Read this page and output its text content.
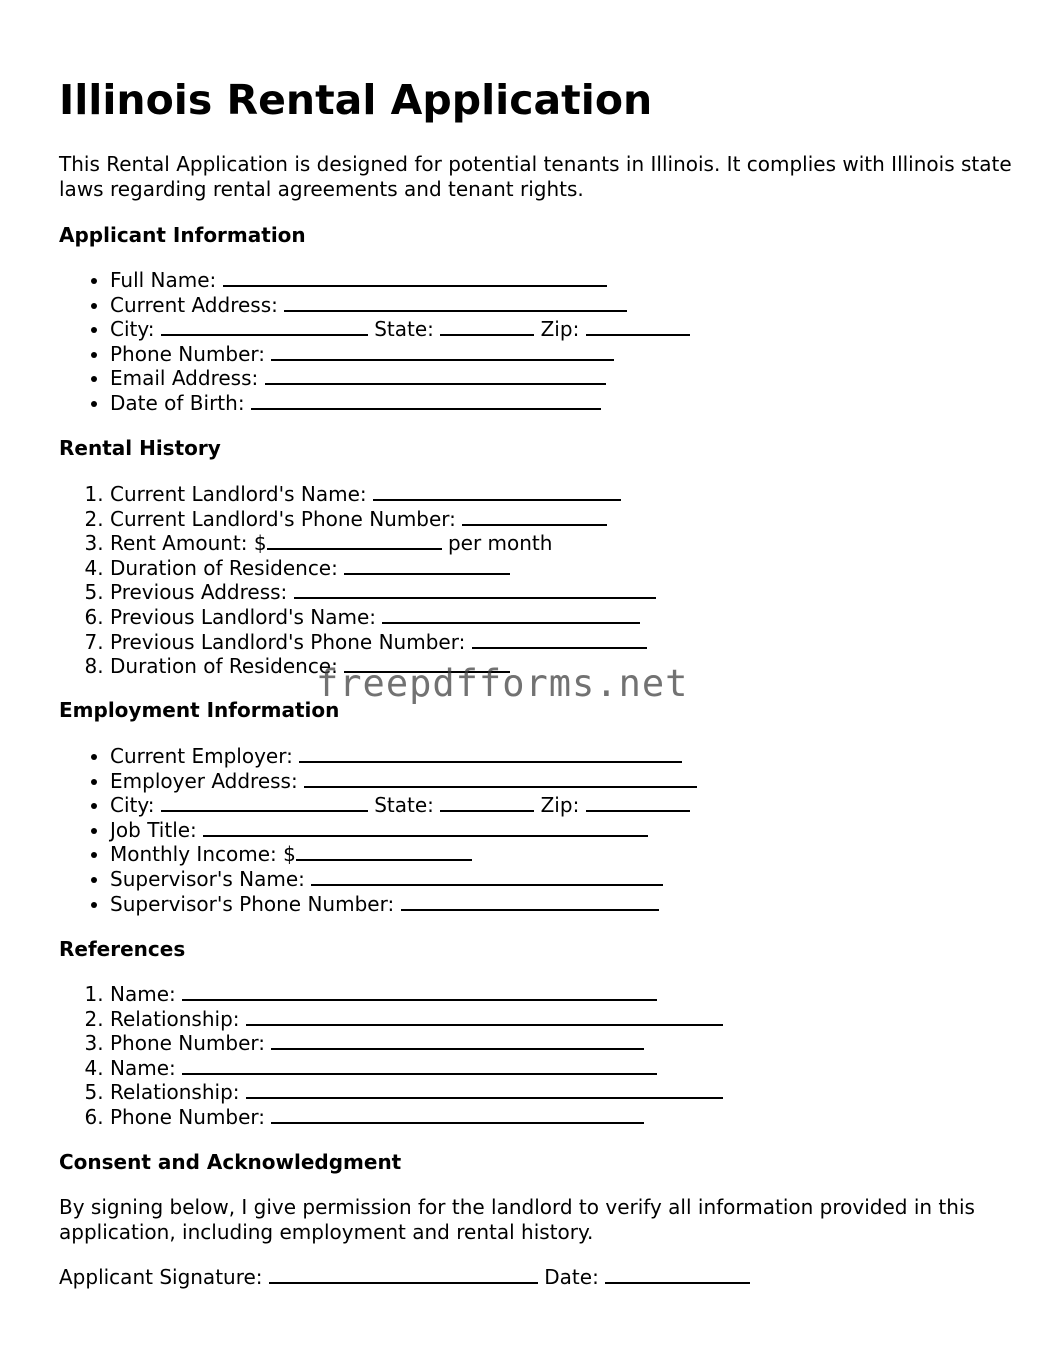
Illinois Rental Application

This Rental Application is designed for potential tenants in Illinois. It complies with Illinois state laws regarding rental agreements and tenant rights.

Applicant Information
• Full Name:
• Current Address:
• City:	State:	Zip:
• Phone Number:
• Email Address:
• Date of Birth:
Rental History
1. Current Landlord's Name:
2. Current Landlord's Phone Number:
3. Rent Amount: $	per month
4. Duration of Residence:
5. Previous Address:
6. Previous Landlord's Name:
7. Previous Landlord's Phone Number:
8. Duration of Residence:
Employment Information
• Current Employer:
• Employer Address:
• City:	State:	Zip:
• Job Title:
• Monthly Income: $
• Supervisor's Name:
• Supervisor's Phone Number:
References
1. Name:
2. Relationship:
3. Phone Number:
4. Name:
5. Relationship:
6. Phone Number:
Consent and Acknowledgment

By signing below, I give permission for the landlord to verify all information provided in this application, including employment and rental history.

Applicant Signature:	Date:

freepdfforms.net
